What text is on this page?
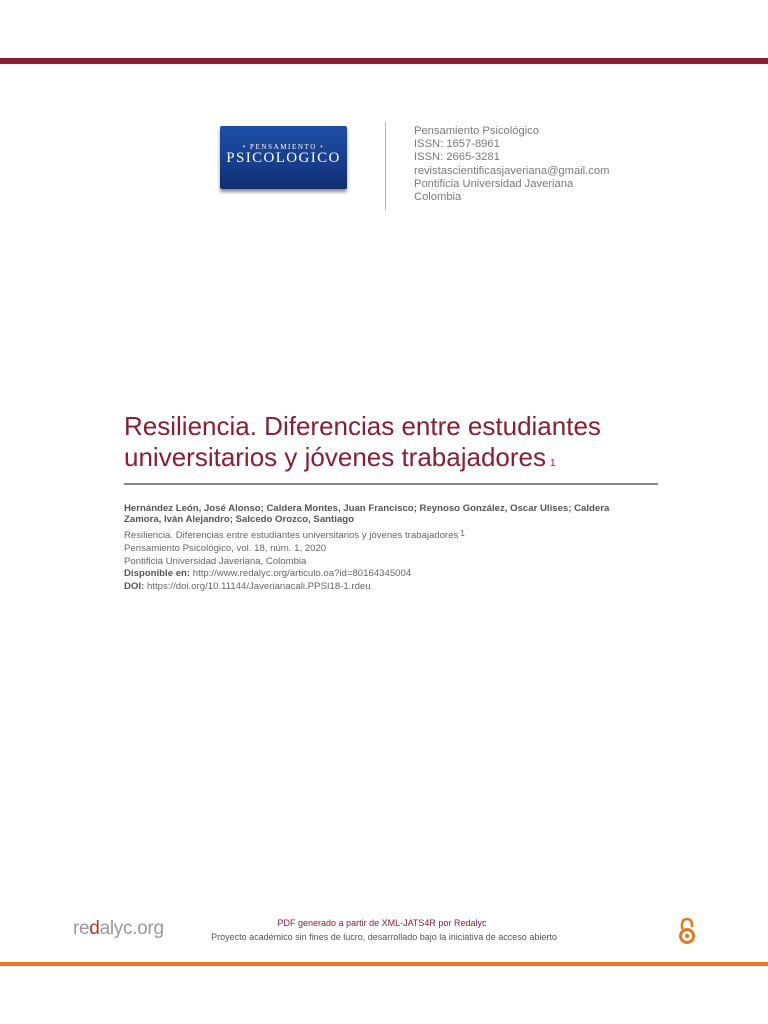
• PENSAMIENTO •
PSICOLOGICO
Pensamiento Psicológico
ISSN: 1657-8961
ISSN: 2665-3281
revistascientificasjaveriana@gmail.com
Pontificia Universidad Javeriana
Colombia
Resiliencia. Diferencias entre estudiantes
universitarios y jóvenes trabajadores $^1$
Hernández León, José Alonso; Caldera Montes, Juan Francisco; Reynoso González, Oscar Ulises; Caldera Zamora, Iván Alejandro; Salcedo Orozco, Santiago
Resiliencia. Diferencias entre estudiantes universitarios y jóvenes trabajadores $^1$
Pensamiento Psicológico, vol. 18, núm. 1, 2020
Pontificia Universidad Javeriana, Colombia
Disponible en: http://www.redalyc.org/articulo.oa?id=80164345004
DOI: https://doi.org/10.11144/Javerianacali.PPSI18-1.rdeu
redalyc.org	PDF generado a partir de XML-JATS4R por Redalyc
Proyecto académico sin fines de lucro, desarrollado bajo la iniciativa de acceso abierto
